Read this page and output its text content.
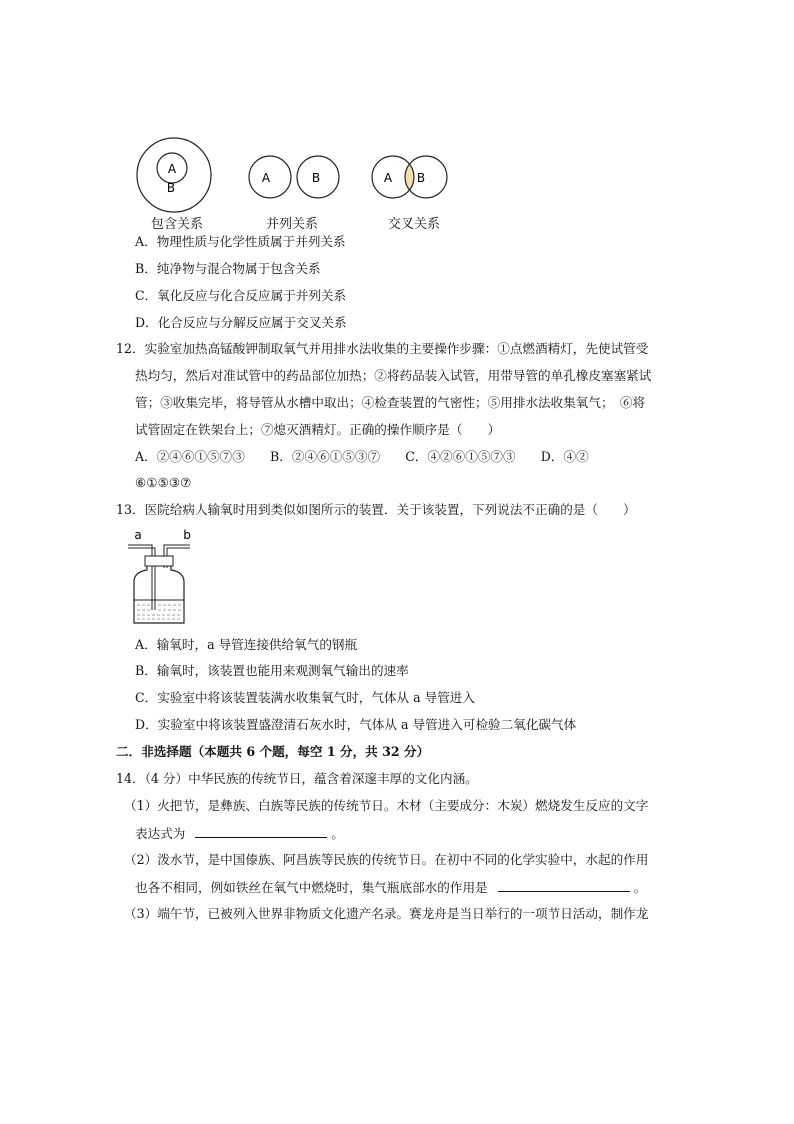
A
B
A	B	A B
包含关系	并列关系	交叉关系
A．物理性质与化学性质属于并列关系
B．纯净物与混合物属于包含关系
C．氧化反应与化合反应属于并列关系
D．化合反应与分解反应属于交叉关系
12．实验室加热高锰酸钾制取氧气并用排水法收集的主要操作步骤：①点燃酒精灯，先使试管受
热均匀，然后对准试管中的药品部位加热；②将药品装入试管，用带导管的单孔橡皮塞塞紧试
管；③收集完毕，将导管从水槽中取出；④检查装置的气密性；⑤用排水法收集氧气；　⑥将
试管固定在铁架台上；⑦熄灭酒精灯。正确的操作顺序是（　　）
A．②④⑥①⑤⑦③　　B．②④⑥①⑤③⑦　　C．④②⑥①⑤⑦③　　D．④②
⑥①⑤③⑦
13．医院给病人输氧时用到类似如图所示的装置．关于该装置，下列说法不正确的是（　　）
a	b
A．输氧时，a 导管连接供给氧气的钢瓶
B．输氧时，该装置也能用来观测氧气输出的速率
C．实验室中将该装置装满水收集氧气时，气体从 a 导管进入
D．实验室中将该装置盛澄清石灰水时，气体从 a 导管进入可检验二氧化碳气体
二．非选择题（本题共 6 个题，每空 1 分，共 32 分）
14．（4 分）中华民族的传统节日，蕴含着深邃丰厚的文化内涵。
（1）火把节，是彝族、白族等民族的传统节日。木材（主要成分：木炭）燃烧发生反应的文字
表达式为	。
（2）泼水节，是中国傣族、阿昌族等民族的传统节日。在初中不同的化学实验中，水起的作用
也各不相同，例如铁丝在氧气中燃烧时，集气瓶底部水的作用是	。
（3）端午节，已被列入世界非物质文化遗产名录。赛龙舟是当日举行的一项节日活动，制作龙
